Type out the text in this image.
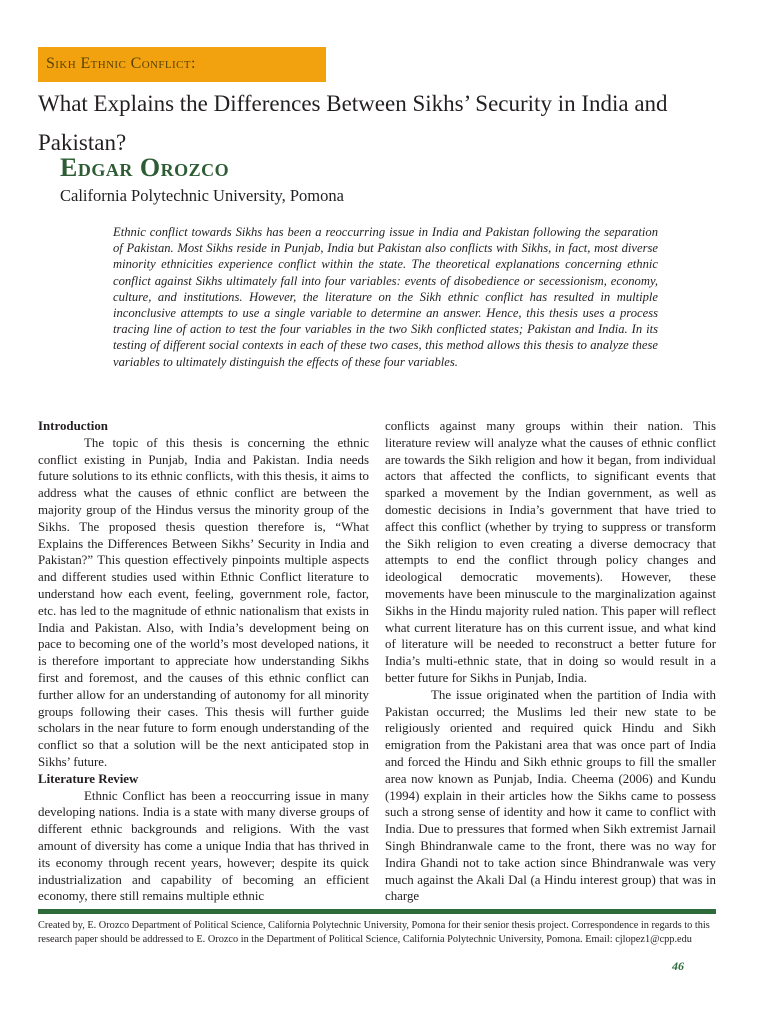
Sikh Ethnic Conflict:
What Explains the Differences Between Sikhs’ Security in India and Pakistan?
Edgar Orozco
California Polytechnic University, Pomona
Ethnic conflict towards Sikhs has been a reoccurring issue in India and Pakistan following the separation of Pakistan. Most Sikhs reside in Punjab, India but Pakistan also conflicts with Sikhs, in fact, most diverse minority ethnicities experience conflict within the state. The theoretical explanations concerning ethnic conflict against Sikhs ultimately fall into four variables: events of disobedience or secessionism, economy, culture, and institutions. However, the literature on the Sikh ethnic conflict has resulted in multiple inconclusive attempts to use a single variable to determine an answer. Hence, this thesis uses a process tracing line of action to test the four variables in the two Sikh conflicted states; Pakistan and India. In its testing of different social contexts in each of these two cases, this method allows this thesis to analyze these variables to ultimately distinguish the effects of these four variables.
Introduction

The topic of this thesis is concerning the ethnic conflict existing in Punjab, India and Pakistan. India needs future solutions to its ethnic conflicts, with this thesis, it aims to address what the causes of ethnic conflict are between the majority group of the Hindus versus the minority group of the Sikhs. The proposed thesis question therefore is, “What Explains the Differences Between Sikhs’ Security in India and Pakistan?” This question effectively pinpoints multiple aspects and different studies used within Ethnic Conflict literature to understand how each event, feeling, government role, factor, etc. has led to the magnitude of ethnic nationalism that exists in India and Pakistan. Also, with India’s development being on pace to becoming one of the world’s most developed nations, it is therefore important to appreciate how understanding Sikhs first and foremost, and the causes of this ethnic conflict can further allow for an understanding of autonomy for all minority groups following their cases. This thesis will further guide scholars in the near future to form enough understanding of the conflict so that a solution will be the next anticipated stop in Sikhs’ future.

Literature Review

Ethnic Conflict has been a reoccurring issue in many developing nations. India is a state with many diverse groups of different ethnic backgrounds and religions. With the vast amount of diversity has come a unique India that has thrived in its economy through recent years, however; despite its quick industrialization and capability of becoming an efficient economy, there still remains multiple ethnic

conflicts against many groups within their nation. This literature review will analyze what the causes of ethnic conflict are towards the Sikh religion and how it began, from individual actors that affected the conflicts, to significant events that sparked a movement by the Indian government, as well as domestic decisions in India’s government that have tried to affect this conflict (whether by trying to suppress or transform the Sikh religion to even creating a diverse democracy that attempts to end the conflict through policy changes and ideological democratic movements). However, these movements have been minuscule to the marginalization against Sikhs in the Hindu majority ruled nation. This paper will reflect what current literature has on this current issue, and what kind of literature will be needed to reconstruct a better future for India’s multi-ethnic state, that in doing so would result in a better future for Sikhs in Punjab, India.

The issue originated when the partition of India with Pakistan occurred; the Muslims led their new state to be religiously oriented and required quick Hindu and Sikh emigration from the Pakistani area that was once part of India and forced the Hindu and Sikh ethnic groups to fill the smaller area now known as Punjab, India. Cheema (2006) and Kundu (1994) explain in their articles how the Sikhs came to possess such a strong sense of identity and how it came to conflict with India. Due to pressures that formed when Sikh extremist Jarnail Singh Bhindranwale came to the front, there was no way for Indira Ghandi not to take action since Bhindranwale was very much against the Akali Dal (a Hindu interest group) that was in charge

Created by, E. Orozco Department of Political Science, California Polytechnic University, Pomona for their senior thesis project. Correspondence in regards to this research paper should be addressed to E. Orozco in the Department of Political Science, California Polytechnic University, Pomona. Email: cjlopez1@cpp.edu
46
